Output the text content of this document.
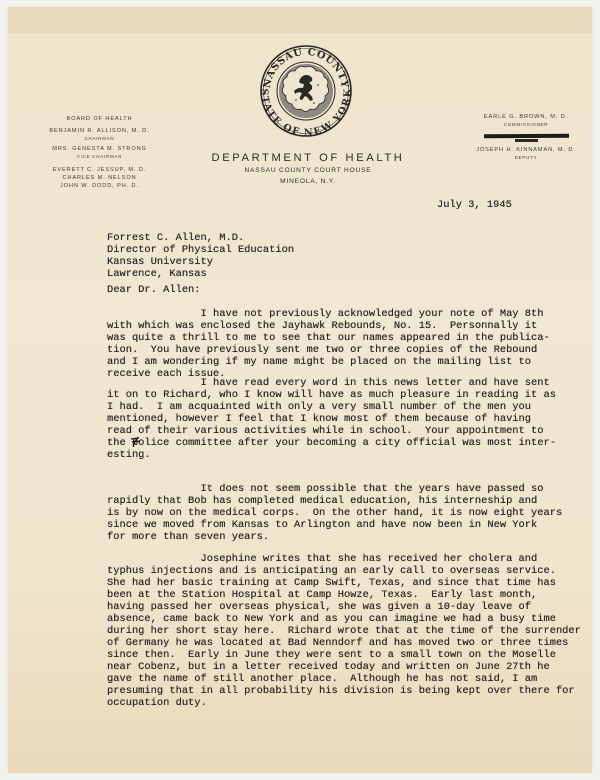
BOARD OF HEALTH
BENJAMIN R. ALLISON, M. D.
CHAIRMAN
MRS. GENESTA M. STRONG
VICE CHAIRMAN
EVERETT C. JESSUP, M. D.
CHARLES M. NELSON
JOHN W. DODD, PH. D.
NASSAU COUNTY
STATE OF NEW YORK
DEPARTMENT OF HEALTH
NASSAU COUNTY COURT HOUSE
MINEOLA, N.Y.
EARLE G. BROWN, M. D.
COMMISSIONER
JOSEPH H. KINNAMAN, M. D.
DEPUTY
July 3, 1945
Forrest C. Allen, M.D.
Director of Physical Education
Kansas University
Lawrence, Kansas
Dear Dr. Allen:
I have not previously acknowledged your note of May 8th
with which was enclosed the Jayhawk Rebounds, No. 15.  Personnally it
was quite a thrill to me to see that our names appeared in the publica-
tion.  You have previously sent me two or three copies of the Rebound
and I am wondering if my name might be placed on the mailing list to
receive each issue.
I have read every word in this news letter and have sent
it on to Richard, who I know will have as much pleasure in reading it as
I had.  I am acquainted with only a very small number of the men you
mentioned, however I feel that I know most of them because of having
read of their various activities while in school.  Your appointment to
the police committee after your becoming a city official was most inter-
esting.
It does not seem possible that the years have passed so
rapidly that Bob has completed medical education, his interneship and
is by now on the medical corps.  On the other hand, it is now eight years
since we moved from Kansas to Arlington and have now been in New York
for more than seven years.
Josephine writes that she has received her cholera and
typhus injections and is anticipating an early call to overseas service.
She had her basic training at Camp Swift, Texas, and since that time has
been at the Station Hospital at Camp Howze, Texas.  Early last month,
having passed her overseas physical, she was given a 10-day leave of
absence, came back to New York and as you can imagine we had a busy time
during her short stay here.  Richard wrote that at the time of the surrender
of Germany he was located at Bad Nenndorf and has moved two or three times
since then.  Early in June they were sent to a small town on the Moselle
near Cobenz, but in a letter received today and written on June 27th he
gave the name of still another place.  Although he has not said, I am
presuming that in all probability his division is being kept over there for
occupation duty.
